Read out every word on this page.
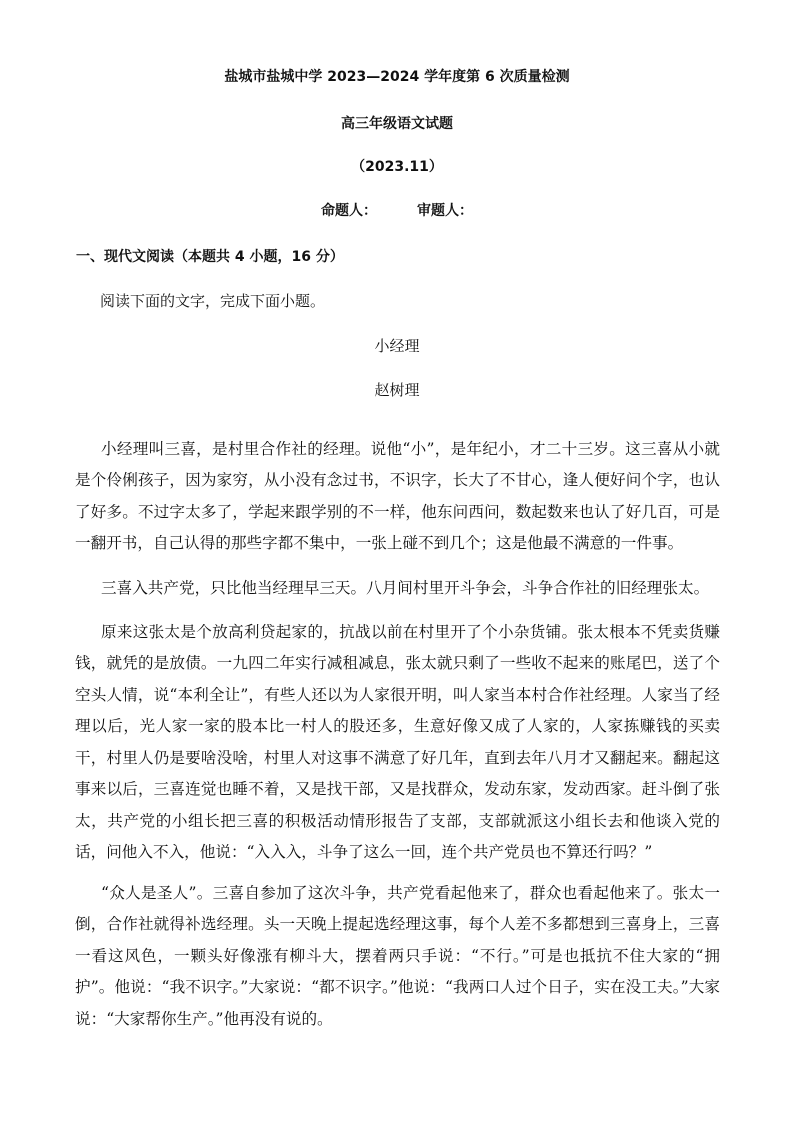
盐城市盐城中学 2023—2024 学年度第 6 次质量检测
高三年级语文试题
（2023.11）
命题人：	审题人：
一、现代文阅读（本题共 4 小题，16 分）
阅读下面的文字，完成下面小题。
小经理
赵树理

小经理叫三喜，是村里合作社的经理。说他“小”，是年纪小，才二十三岁。这三喜从小就是个伶俐孩子，因为家穷，从小没有念过书，不识字，长大了不甘心，逢人便好问个字，也认了好多。不过字太多了，学起来跟学别的不一样，他东问西问，数起数来也认了好几百，可是一翻开书，自己认得的那些字都不集中，一张上碰不到几个；这是他最不满意的一件事。

三喜入共产党，只比他当经理早三天。八月间村里开斗争会，斗争合作社的旧经理张太。

原来这张太是个放高利贷起家的，抗战以前在村里开了个小杂货铺。张太根本不凭卖货赚钱，就凭的是放债。一九四二年实行减租减息，张太就只剩了一些收不起来的账尾巴，送了个空头人情，说“本利全让”，有些人还以为人家很开明，叫人家当本村合作社经理。人家当了经理以后，光人家一家的股本比一村人的股还多，生意好像又成了人家的，人家拣赚钱的买卖干，村里人仍是要啥没啥，村里人对这事不满意了好几年，直到去年八月才又翻起来。翻起这事来以后，三喜连觉也睡不着，又是找干部，又是找群众，发动东家，发动西家。赶斗倒了张太，共产党的小组长把三喜的积极活动情形报告了支部，支部就派这小组长去和他谈入党的话，问他入不入，他说：“入入入，斗争了这么一回，连个共产党员也不算还行吗？”

“众人是圣人”。三喜自参加了这次斗争，共产党看起他来了，群众也看起他来了。张太一倒，合作社就得补选经理。头一天晚上提起选经理这事，每个人差不多都想到三喜身上，三喜一看这风色，一颗头好像涨有柳斗大，摆着两只手说：“不行。”可是也抵抗不住大家的“拥护”。他说：“我不识字。”大家说：“都不识字。”他说：“我两口人过个日子，实在没工夫。”大家说：“大家帮你生产。”他再没有说的。
